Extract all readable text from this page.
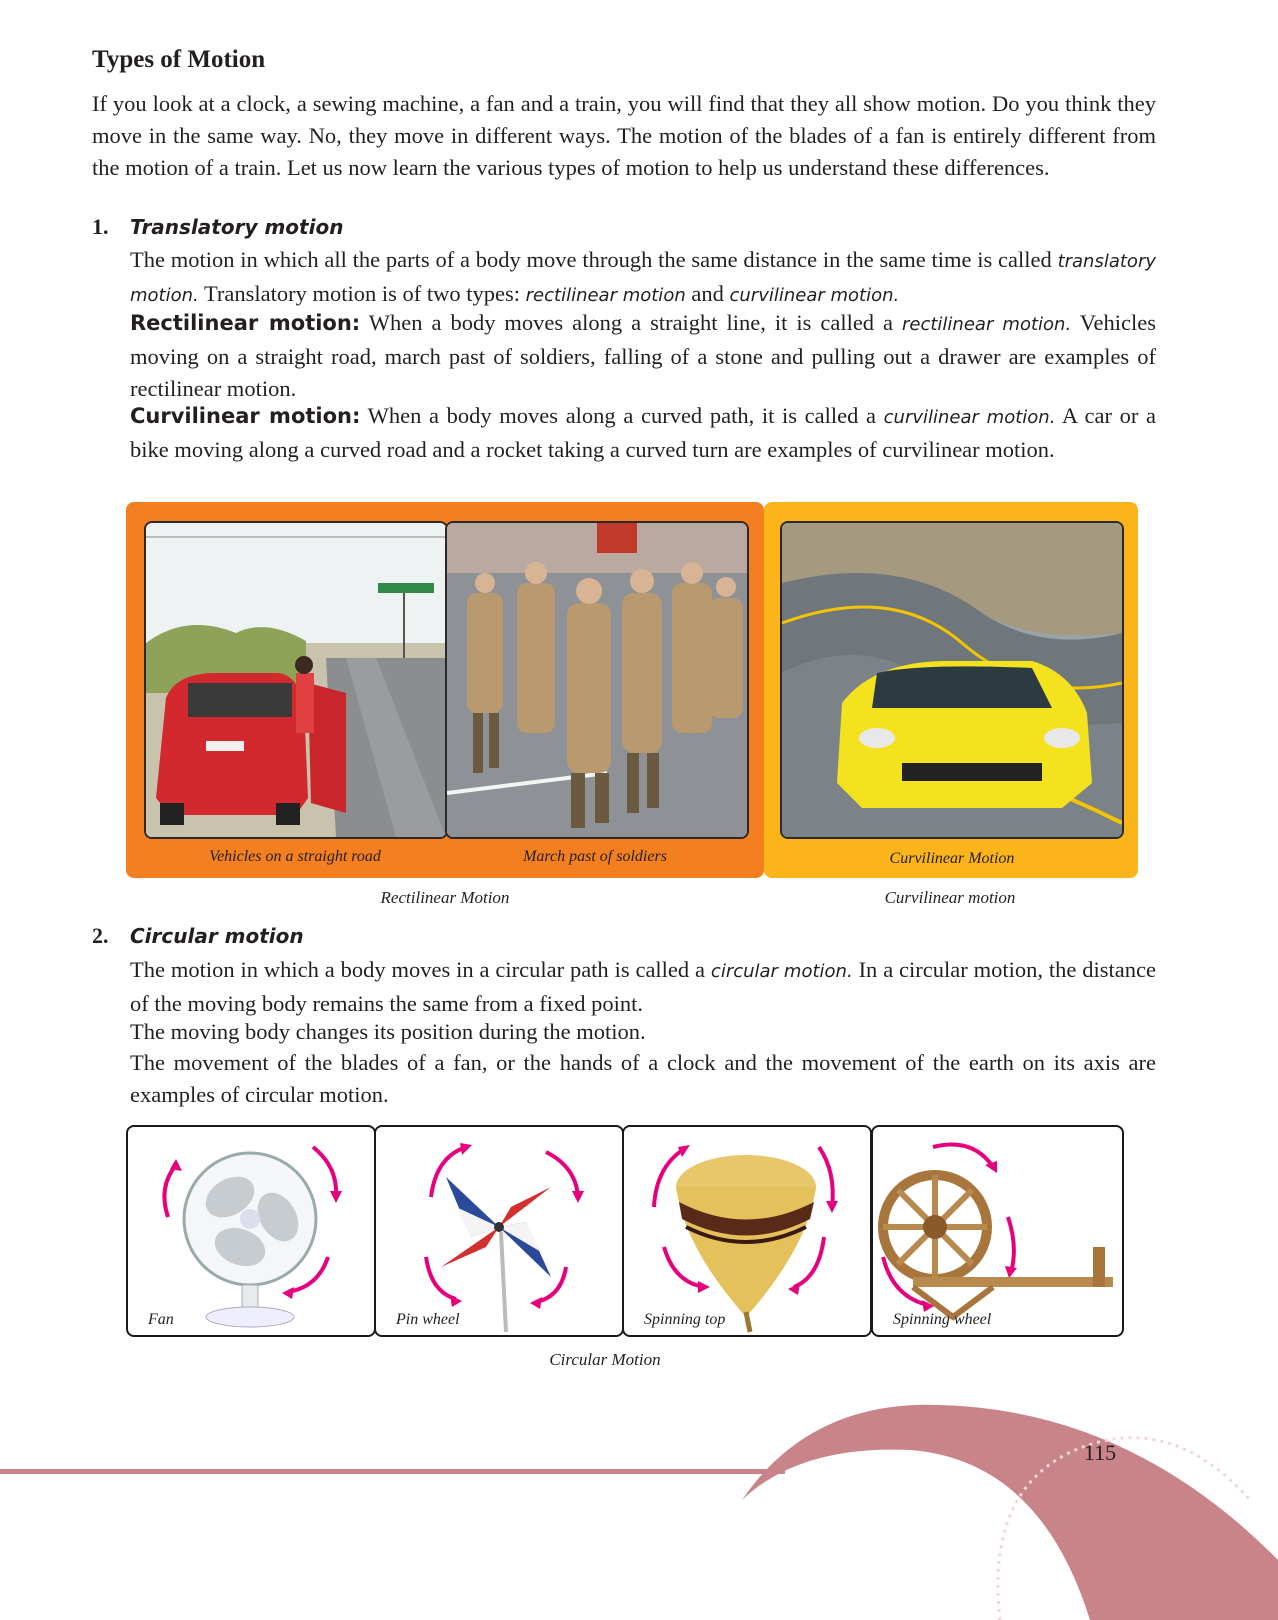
Types of Motion
If you look at a clock, a sewing machine, a fan and a train, you will find that they all show motion. Do you think they move in the same way. No, they move in different ways. The motion of the blades of a fan is entirely different from the motion of a train. Let us now learn the various types of motion to help us understand these differences.
1. Translatory motion
The motion in which all the parts of a body move through the same distance in the same time is called translatory motion. Translatory motion is of two types: rectilinear motion and curvilinear motion.
Rectilinear motion: When a body moves along a straight line, it is called a rectilinear motion. Vehicles moving on a straight road, march past of soldiers, falling of a stone and pulling out a drawer are examples of rectilinear motion.
Curvilinear motion: When a body moves along a curved path, it is called a curvilinear motion. A car or a bike moving along a curved road and a rocket taking a curved turn are examples of curvilinear motion.
Vehicles on a straight road	March past of soldiers	Curvilinear Motion
Rectilinear Motion	Curvilinear motion
2. Circular motion
The motion in which a body moves in a circular path is called a circular motion. In a circular motion, the distance of the moving body remains the same from a fixed point.
The moving body changes its position during the motion.
The movement of the blades of a fan, or the hands of a clock and the movement of the earth on its axis are examples of circular motion.
Fan	Pin wheel	Spinning top	Spinning wheel
Circular Motion
115
